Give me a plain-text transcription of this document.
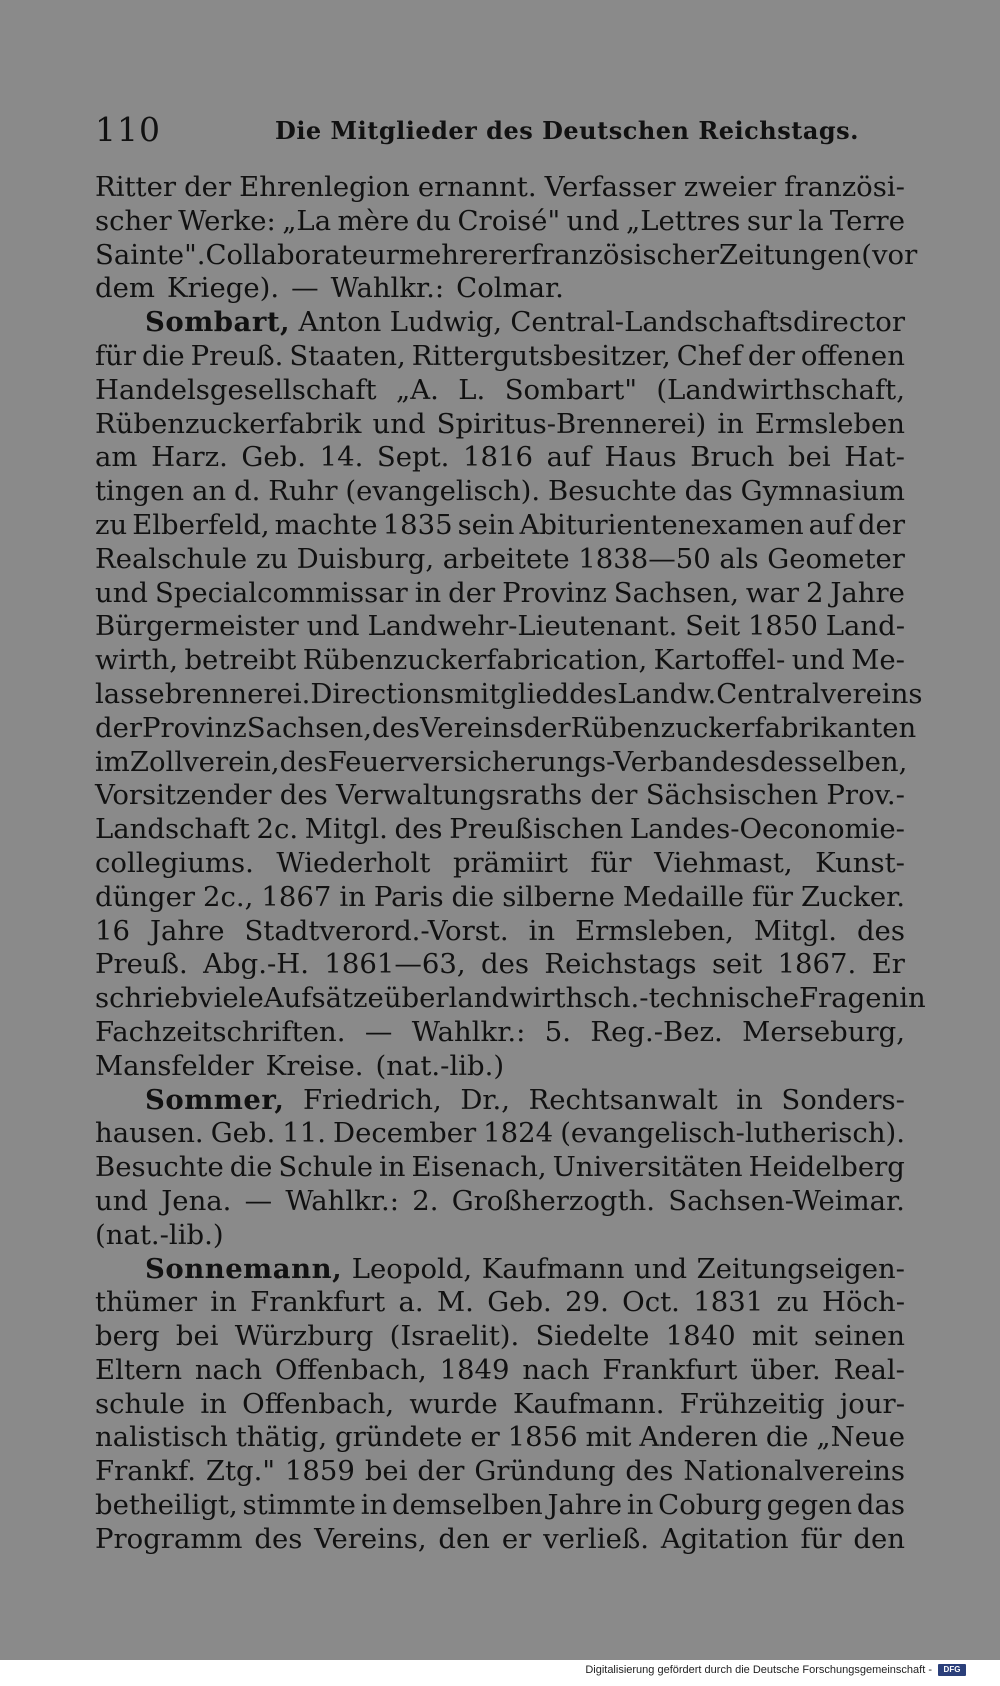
110	Die Mitglieder des Deutschen Reichstags.
Ritter der Ehrenlegion ernannt. Verfasser zweier französi-
scher Werke: „La mère du Croisé" und „Lettres sur la Terre
Sainte". Collaborateur mehrerer französischer Zeitungen (vor
dem Kriege). — Wahlkr.: Colmar.
Sombart, Anton Ludwig, Central-Landschaftsdirector
für die Preuß. Staaten, Rittergutsbesitzer, Chef der offenen
Handelsgesellschaft „A. L. Sombart" (Landwirthschaft,
Rübenzuckerfabrik und Spiritus-Brennerei) in Ermsleben
am Harz. Geb. 14. Sept. 1816 auf Haus Bruch bei Hat-
tingen an d. Ruhr (evangelisch). Besuchte das Gymnasium
zu Elberfeld, machte 1835 sein Abiturientenexamen auf der
Realschule zu Duisburg, arbeitete 1838—50 als Geometer
und Specialcommissar in der Provinz Sachsen, war 2 Jahre
Bürgermeister und Landwehr-Lieutenant. Seit 1850 Land-
wirth, betreibt Rübenzuckerfabrication, Kartoffel- und Me-
lassebrennerei. Directionsmitglied des Landw. Centralvereins
der Provinz Sachsen, des Vereins der Rübenzuckerfabrikanten
im Zollverein, des Feuerversicherungs-Verbandes desselben,
Vorsitzender des Verwaltungsraths der Sächsischen Prov.-
Landschaft 2c. Mitgl. des Preußischen Landes-Oeconomie-
collegiums. Wiederholt prämiirt für Viehmast, Kunst-
dünger 2c., 1867 in Paris die silberne Medaille für Zucker.
16 Jahre Stadtverord.-Vorst. in Ermsleben, Mitgl. des
Preuß. Abg.-H. 1861—63, des Reichstags seit 1867. Er
schrieb viele Aufsätze über landwirthsch.-technische Fragen in
Fachzeitschriften. — Wahlkr.: 5. Reg.-Bez. Merseburg,
Mansfelder Kreise. (nat.-lib.)
Sommer, Friedrich, Dr., Rechtsanwalt in Sonders-
hausen. Geb. 11. December 1824 (evangelisch-lutherisch).
Besuchte die Schule in Eisenach, Universitäten Heidelberg
und Jena. — Wahlkr.: 2. Großherzogth. Sachsen-Weimar.
(nat.-lib.)
Sonnemann, Leopold, Kaufmann und Zeitungseigen-
thümer in Frankfurt a. M. Geb. 29. Oct. 1831 zu Höch-
berg bei Würzburg (Israelit). Siedelte 1840 mit seinen
Eltern nach Offenbach, 1849 nach Frankfurt über. Real-
schule in Offenbach, wurde Kaufmann. Frühzeitig jour-
nalistisch thätig, gründete er 1856 mit Anderen die „Neue
Frankf. Ztg." 1859 bei der Gründung des Nationalvereins
betheiligt, stimmte in demselben Jahre in Coburg gegen das
Programm des Vereins, den er verließ. Agitation für den
Digitalisierung gefördert durch die Deutsche Forschungsgemeinschaft -	DFG
